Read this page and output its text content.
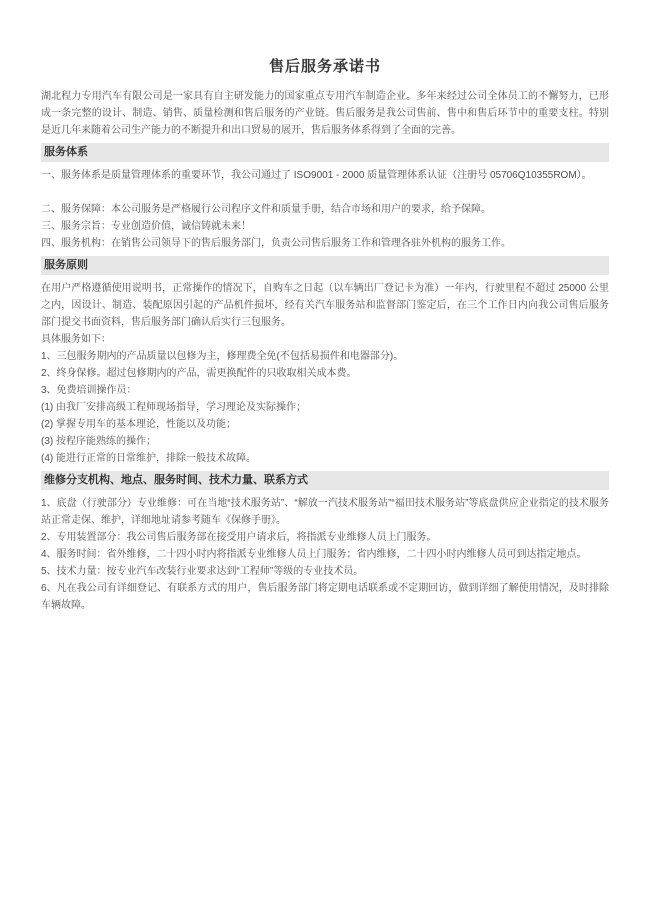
售后服务承诺书

湖北程力专用汽车有限公司是一家具有自主研发能力的国家重点专用汽车制造企业。多年来经过公司全体员工的不懈努力，已形成一条完整的设计、制造、销售、质量检测和售后服务的产业链。售后服务是我公司售前、售中和售后环节中的重要支柱。特别是近几年来随着公司生产能力的不断提升和出口贸易的展开，售后服务体系得到了全面的完善。

服务体系

一、服务体系是质量管理体系的重要环节，我公司通过了 ISO9001 - 2000 质量管理体系认证（注册号 05706Q10355ROM）。

二、服务保障：本公司服务是严格履行公司程序文件和质量手册，结合市场和用户的要求，给予保障。

三、服务宗旨：专业创造价值，诚信铸就未来！

四、服务机构：在销售公司领导下的售后服务部门，负责公司售后服务工作和管理各驻外机构的服务工作。

服务原则

在用户严格遵循使用说明书，正常操作的情况下，自购车之日起（以车辆出厂登记卡为准）一年内，行驶里程不超过 25000 公里之内，因设计、制造、装配原因引起的产品机件损坏，经有关汽车服务站和监督部门鉴定后，在三个工作日内向我公司售后服务部门提交书面资料，售后服务部门确认后实行三包服务。

具体服务如下：

1、三包服务期内的产品质量以包修为主，修理费全免(不包括易损件和电器部分)。

2、终身保修。超过包修期内的产品，需更换配件的只收取相关成本费。

3、免费培训操作员：

(1) 由我厂安排高级工程师现场指导，学习理论及实际操作；

(2) 掌握专用车的基本理论，性能以及功能；

(3) 按程序能熟练的操作；

(4) 能进行正常的日常维护，排除一般技术故障。

维修分支机构、地点、服务时间、技术力量、联系方式

1、底盘（行驶部分）专业维修：可在当地“技术服务站”、“解放一汽技术服务站”“福田技术服务站”等底盘供应企业指定的技术服务站正常走保、维护，详细地址请参考随车《保修手册》。

2、专用装置部分：我公司售后服务部在接受用户请求后，将指派专业维修人员上门服务。

4、服务时间：省外维修，二十四小时内将指派专业维修人员上门服务；省内维修，二十四小时内维修人员可到达指定地点。

5、技术力量：按专业汽车改装行业要求达到“工程师”等级的专业技术员。

6、凡在我公司有详细登记、有联系方式的用户，售后服务部门将定期电话联系或不定期回访，做到详细了解使用情况，及时排除车辆故障。
